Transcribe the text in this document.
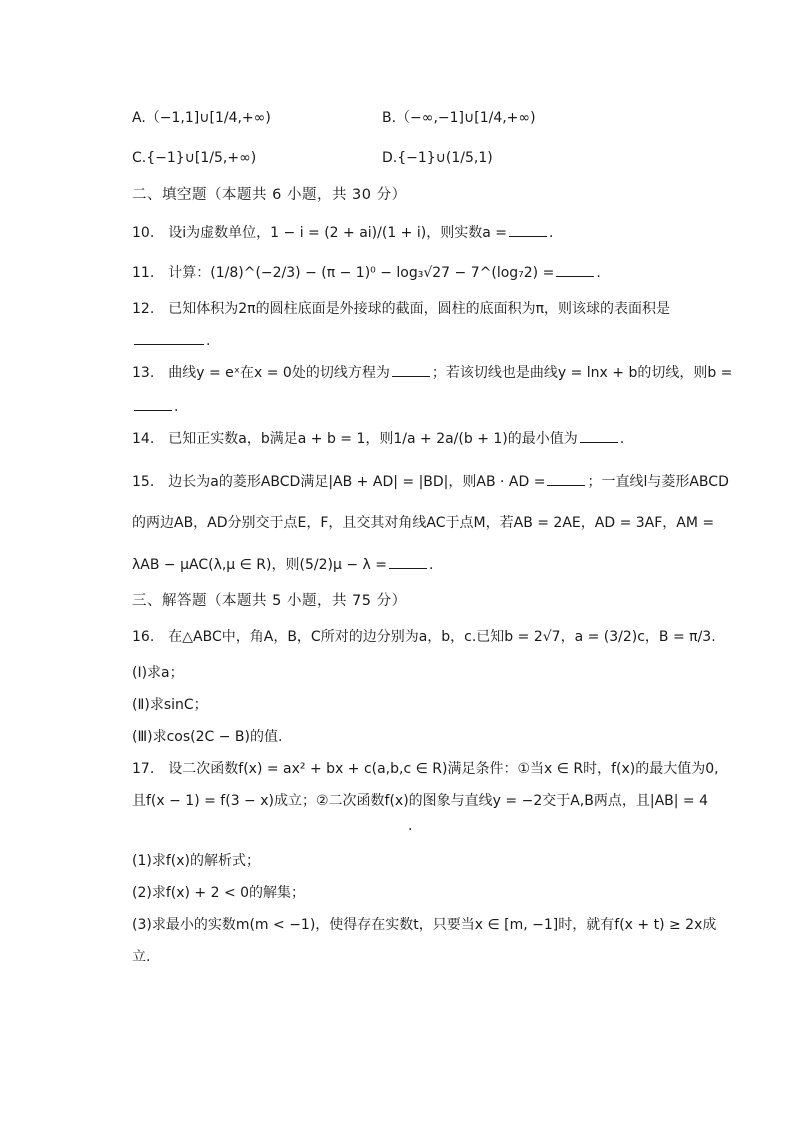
A.（−1,1]∪[1/4,+∞)	B.（−∞,−1]∪[1/4,+∞)
C.{−1}∪[1/5,+∞)	D.{−1}∪(1/5,1)
二、填空题（本题共 6 小题，共 30 分）
10.　设i为虚数单位，1 − i = (2 + ai)/(1 + i)，则实数a =	.
11.　计算：(1/8)^(−2/3) − (π − 1)⁰ − log₃√27 − 7^(log₇2) =	.
12.　已知体积为2π的圆柱底面是外接球的截面，圆柱的底面积为π，则该球的表面积是
.
13.　曲线y = eˣ在x = 0处的切线方程为	；若该切线也是曲线y = lnx + b的切线，则b =
.
14.　已知正实数a，b满足a + b = 1，则1/a + 2a/(b + 1)的最小值为	.
15.　边长为a的菱形ABCD满足|AB + AD| = |BD|，则AB · AD =	；一直线l与菱形ABCD
的两边AB，AD分别交于点E，F，且交其对角线AC于点M，若AB = 2AE，AD = 3AF，AM =
λAB − μAC(λ,μ ∈ R)，则(5/2)μ − λ =	.
三、解答题（本题共 5 小题，共 75 分）
16.　在△ABC中，角A，B，C所对的边分别为a，b，c.已知b = 2√7，a = (3/2)c，B = π/3.
(Ⅰ)求a；
(Ⅱ)求sinC；
(Ⅲ)求cos(2C − B)的值.
17.　设二次函数f(x) = ax² + bx + c(a,b,c ∈ R)满足条件：①当x ∈ R时，f(x)的最大值为0,
且f(x − 1) = f(3 − x)成立；②二次函数f(x)的图象与直线y = −2交于A,B两点，且|AB| = 4
.
(1)求f(x)的解析式；
(2)求f(x) + 2 < 0的解集；
(3)求最小的实数m(m < −1)，使得存在实数t，只要当x ∈ [m, −1]时，就有f(x + t) ≥ 2x成
立.
